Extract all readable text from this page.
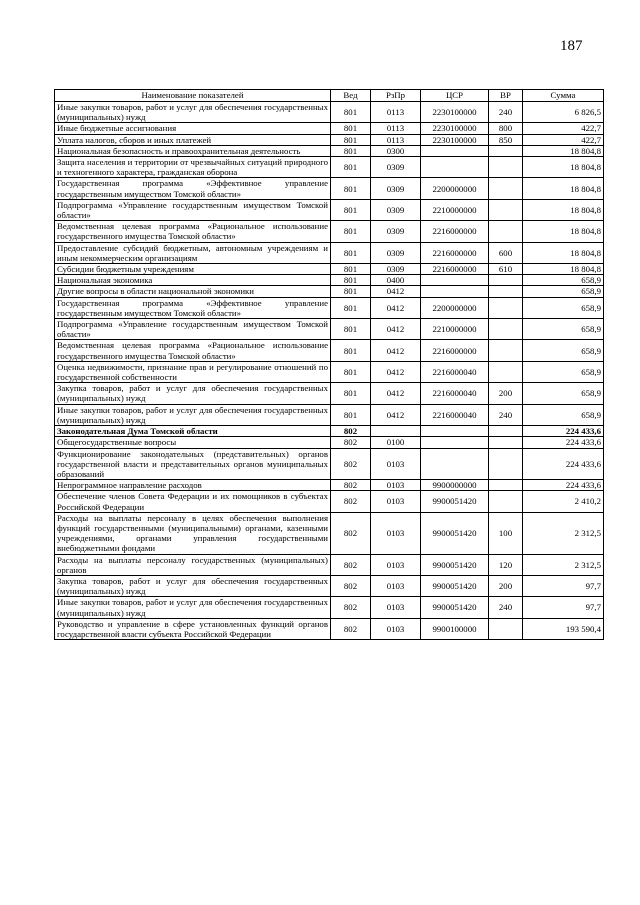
187
Наименование показателей	Вед	РзПр	ЦСР	ВР	Сумма
Иные закупки товаров, работ и услуг для обеспечения государственных (муниципальных) нужд	801	0113	2230100000	240	6 826,5
Иные бюджетные ассигнования	801	0113	2230100000	800	422,7
Уплата налогов, сборов и иных платежей	801	0113	2230100000	850	422,7
Национальная безопасность и правоохранительная деятельность	801	0300			18 804,8
Защита населения и территории от чрезвычайных ситуаций природного и техногенного характера, гражданская оборона	801	0309			18 804,8
Государственная программа «Эффективное управление государственным имуществом Томской области»	801	0309	2200000000		18 804,8
Подпрограмма «Управление государственным имуществом Томской области»	801	0309	2210000000		18 804,8
Ведомственная целевая программа «Рациональное использование государственного имущества Томской области»	801	0309	2216000000		18 804,8
Предоставление субсидий бюджетным, автономным учреждениям и иным некоммерческим организациям	801	0309	2216000000	600	18 804,8
Субсидии бюджетным учреждениям	801	0309	2216000000	610	18 804,8
Национальная экономика	801	0400			658,9
Другие вопросы в области национальной экономики	801	0412			658,9
Государственная программа «Эффективное управление государственным имуществом Томской области»	801	0412	2200000000		658,9
Подпрограмма «Управление государственным имуществом Томской области»	801	0412	2210000000		658,9
Ведомственная целевая программа «Рациональное использование государственного имущества Томской области»	801	0412	2216000000		658,9
Оценка недвижимости, признание прав и регулирование отношений по государственной собственности	801	0412	2216000040		658,9
Закупка товаров, работ и услуг для обеспечения государственных (муниципальных) нужд	801	0412	2216000040	200	658,9
Иные закупки товаров, работ и услуг для обеспечения государственных (муниципальных) нужд	801	0412	2216000040	240	658,9
Законодательная Дума Томской области	802				224 433,6
Общегосударственные вопросы	802	0100			224 433,6
Функционирование законодательных (представительных) органов государственной власти и представительных органов муниципальных образований	802	0103			224 433,6
Непрограммное направление расходов	802	0103	9900000000		224 433,6
Обеспечение членов Совета Федерации и их помощников в субъектах Российской Федерации	802	0103	9900051420		2 410,2
Расходы на выплаты персоналу в целях обеспечения выполнения функций государственными (муниципальными) органами, казенными учреждениями, органами управления государственными внебюджетными фондами	802	0103	9900051420	100	2 312,5
Расходы на выплаты персоналу государственных (муниципальных) органов	802	0103	9900051420	120	2 312,5
Закупка товаров, работ и услуг для обеспечения государственных (муниципальных) нужд	802	0103	9900051420	200	97,7
Иные закупки товаров, работ и услуг для обеспечения государственных (муниципальных) нужд	802	0103	9900051420	240	97,7
Руководство и управление в сфере установленных функций органов государственной власти субъекта Российской Федерации	802	0103	9900100000		193 590,4
